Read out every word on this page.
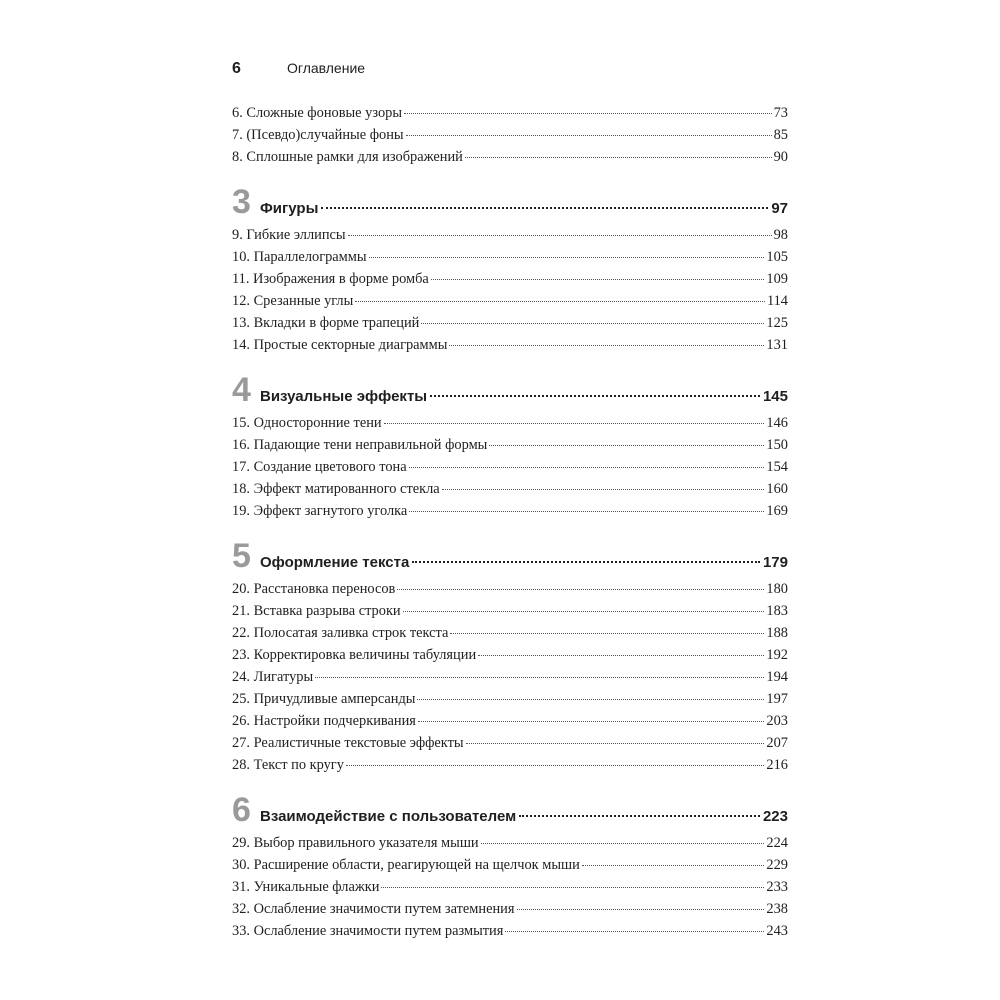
6	Оглавление
6. Сложные фоновые узоры	73
7. (Псевдо)случайные фоны	85
8. Сплошные рамки для изображений	90
3 Фигуры	97
9. Гибкие эллипсы	98
10. Параллелограммы	105
11. Изображения в форме ромба	109
12. Срезанные углы	114
13. Вкладки в форме трапеций	125
14. Простые секторные диаграммы	131
4 Визуальные эффекты	145
15. Односторонние тени	146
16. Падающие тени неправильной формы	150
17. Создание цветового тона	154
18. Эффект матированного стекла	160
19. Эффект загнутого уголка	169
5 Оформление текста	179
20. Расстановка переносов	180
21. Вставка разрыва строки	183
22. Полосатая заливка строк текста	188
23. Корректировка величины табуляции	192
24. Лигатуры	194
25. Причудливые амперсанды	197
26. Настройки подчеркивания	203
27. Реалистичные текстовые эффекты	207
28. Текст по кругу	216
6 Взаимодействие с пользователем	223
29. Выбор правильного указателя мыши	224
30. Расширение области, реагирующей на щелчок мыши	229
31. Уникальные флажки	233
32. Ослабление значимости путем затемнения	238
33. Ослабление значимости путем размытия	243
